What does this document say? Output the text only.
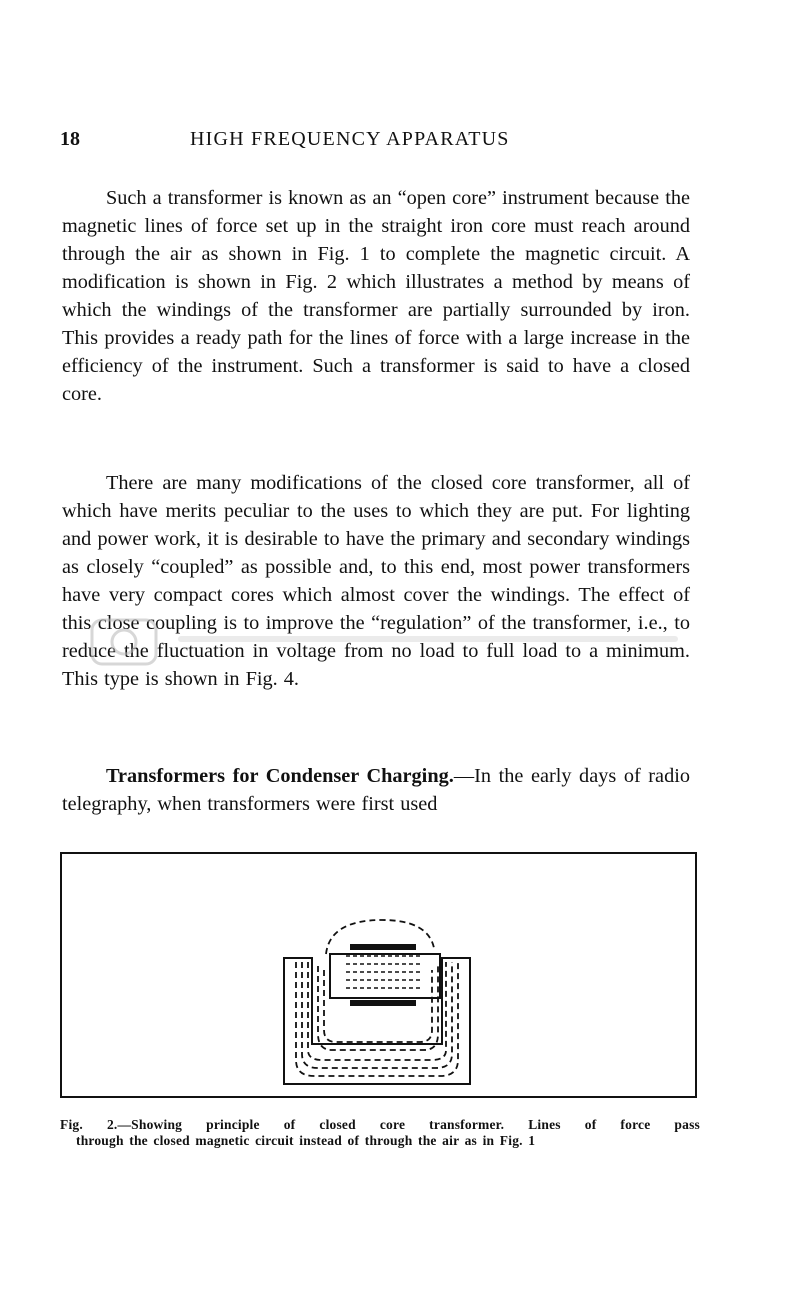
18	HIGH FREQUENCY APPARATUS

Such a transformer is known as an “open core” instrument because the magnetic lines of force set up in the straight iron core must reach around through the air as shown in Fig. 1 to complete the magnetic circuit. A modification is shown in Fig. 2 which illustrates a method by means of which the windings of the transformer are partially surrounded by iron. This provides a ready path for the lines of force with a large increase in the efficiency of the instrument. Such a transformer is said to have a closed core.

There are many modifications of the closed core transformer, all of which have merits peculiar to the uses to which they are put. For lighting and power work, it is desirable to have the primary and secondary windings as closely “coupled” as possible and, to this end, most power transformers have very compact cores which almost cover the windings. The effect of this close coupling is to improve the “regulation” of the transformer, i.e., to reduce the fluctuation in voltage from no load to full load to a minimum. This type is shown in Fig. 4.

Transformers for Condenser Charging.—In the early days of radio telegraphy, when transformers were first used

Fig. 2.—Showing principle of closed core transformer. Lines of force pass
through the closed magnetic circuit instead of through the air as in Fig. 1
